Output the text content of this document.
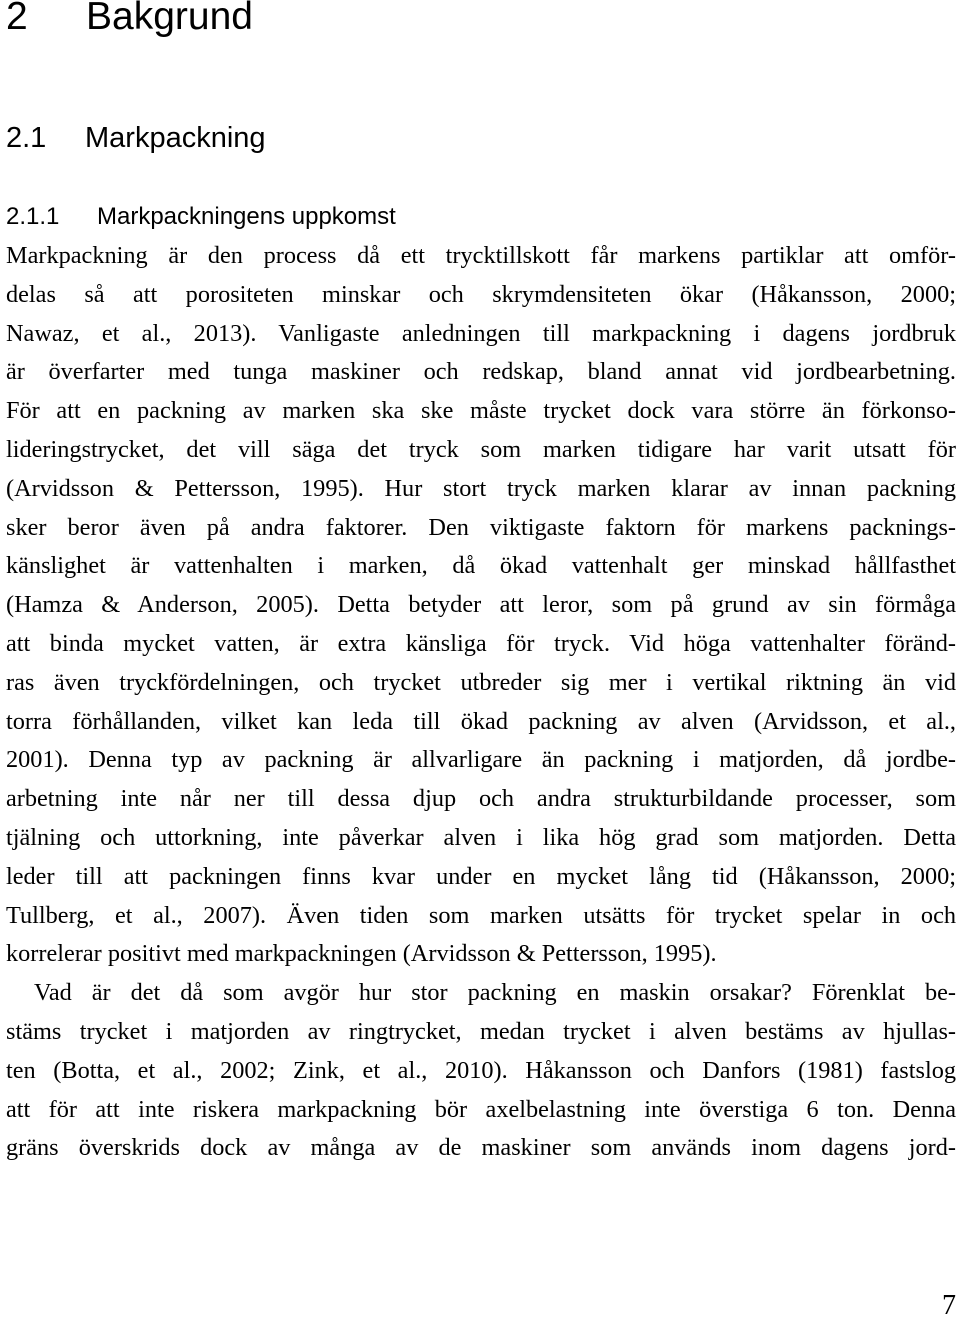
2 Bakgrund
2.1 Markpackning
2.1.1 Markpackningens uppkomst
Markpackning är den process då ett trycktillskott får markens partiklar att omför-
delas så att porositeten minskar och skrymdensiteten ökar (Håkansson, 2000;
Nawaz, et al., 2013). Vanligaste anledningen till markpackning i dagens jordbruk
är överfarter med tunga maskiner och redskap, bland annat vid jordbearbetning.
För att en packning av marken ska ske måste trycket dock vara större än förkonso-
lideringstrycket, det vill säga det tryck som marken tidigare har varit utsatt för
(Arvidsson & Pettersson, 1995). Hur stort tryck marken klarar av innan packning
sker beror även på andra faktorer. Den viktigaste faktorn för markens packnings-
känslighet är vattenhalten i marken, då ökad vattenhalt ger minskad hållfasthet
(Hamza & Anderson, 2005). Detta betyder att leror, som på grund av sin förmåga
att binda mycket vatten, är extra känsliga för tryck. Vid höga vattenhalter föränd-
ras även tryckfördelningen, och trycket utbreder sig mer i vertikal riktning än vid
torra förhållanden, vilket kan leda till ökad packning av alven (Arvidsson, et al.,
2001). Denna typ av packning är allvarligare än packning i matjorden, då jordbe-
arbetning inte når ner till dessa djup och andra strukturbildande processer, som
tjälning och uttorkning, inte påverkar alven i lika hög grad som matjorden. Detta
leder till att packningen finns kvar under en mycket lång tid (Håkansson, 2000;
Tullberg, et al., 2007). Även tiden som marken utsätts för trycket spelar in och
korrelerar positivt med markpackningen (Arvidsson & Pettersson, 1995).
Vad är det då som avgör hur stor packning en maskin orsakar? Förenklat be-
stäms trycket i matjorden av ringtrycket, medan trycket i alven bestäms av hjullas-
ten (Botta, et al., 2002; Zink, et al., 2010). Håkansson och Danfors (1981) fastslog
att för att inte riskera markpackning bör axelbelastning inte överstiga 6 ton. Denna
gräns överskrids dock av många av de maskiner som används inom dagens jord-
7
